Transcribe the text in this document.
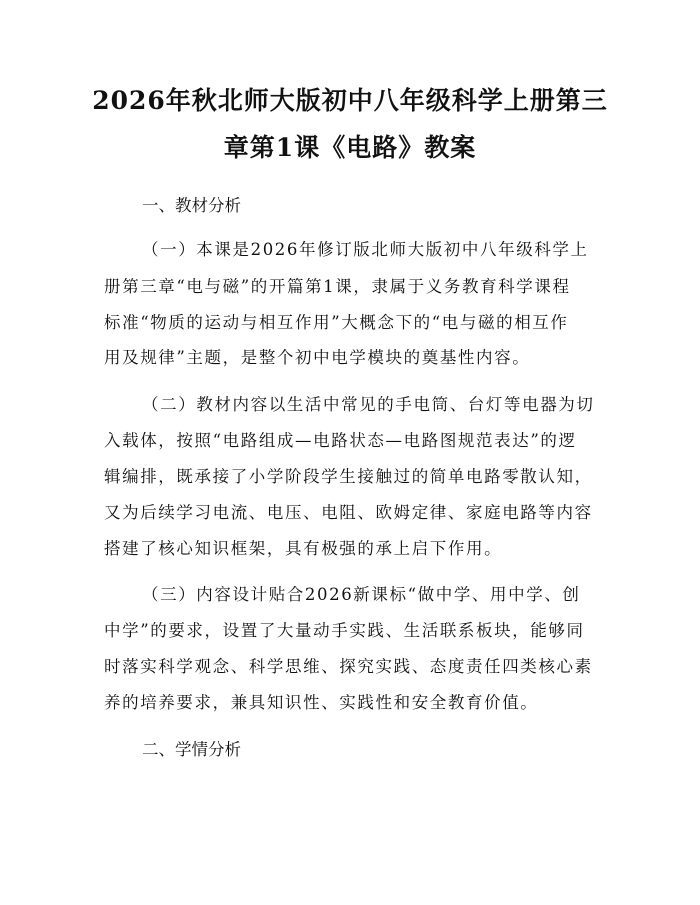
2026年秋北师大版初中八年级科学上册第三
章第1课《电路》教案
一、教材分析
（一）本课是2026年修订版北师大版初中八年级科学上
册第三章“电与磁”的开篇第1课，隶属于义务教育科学课程
标准“物质的运动与相互作用”大概念下的“电与磁的相互作
用及规律”主题，是整个初中电学模块的奠基性内容。
（二）教材内容以生活中常见的手电筒、台灯等电器为切
入载体，按照“电路组成—电路状态—电路图规范表达”的逻
辑编排，既承接了小学阶段学生接触过的简单电路零散认知，
又为后续学习电流、电压、电阻、欧姆定律、家庭电路等内容
搭建了核心知识框架，具有极强的承上启下作用。
（三）内容设计贴合2026新课标“做中学、用中学、创
中学”的要求，设置了大量动手实践、生活联系板块，能够同
时落实科学观念、科学思维、探究实践、态度责任四类核心素
养的培养要求，兼具知识性、实践性和安全教育价值。
二、学情分析
